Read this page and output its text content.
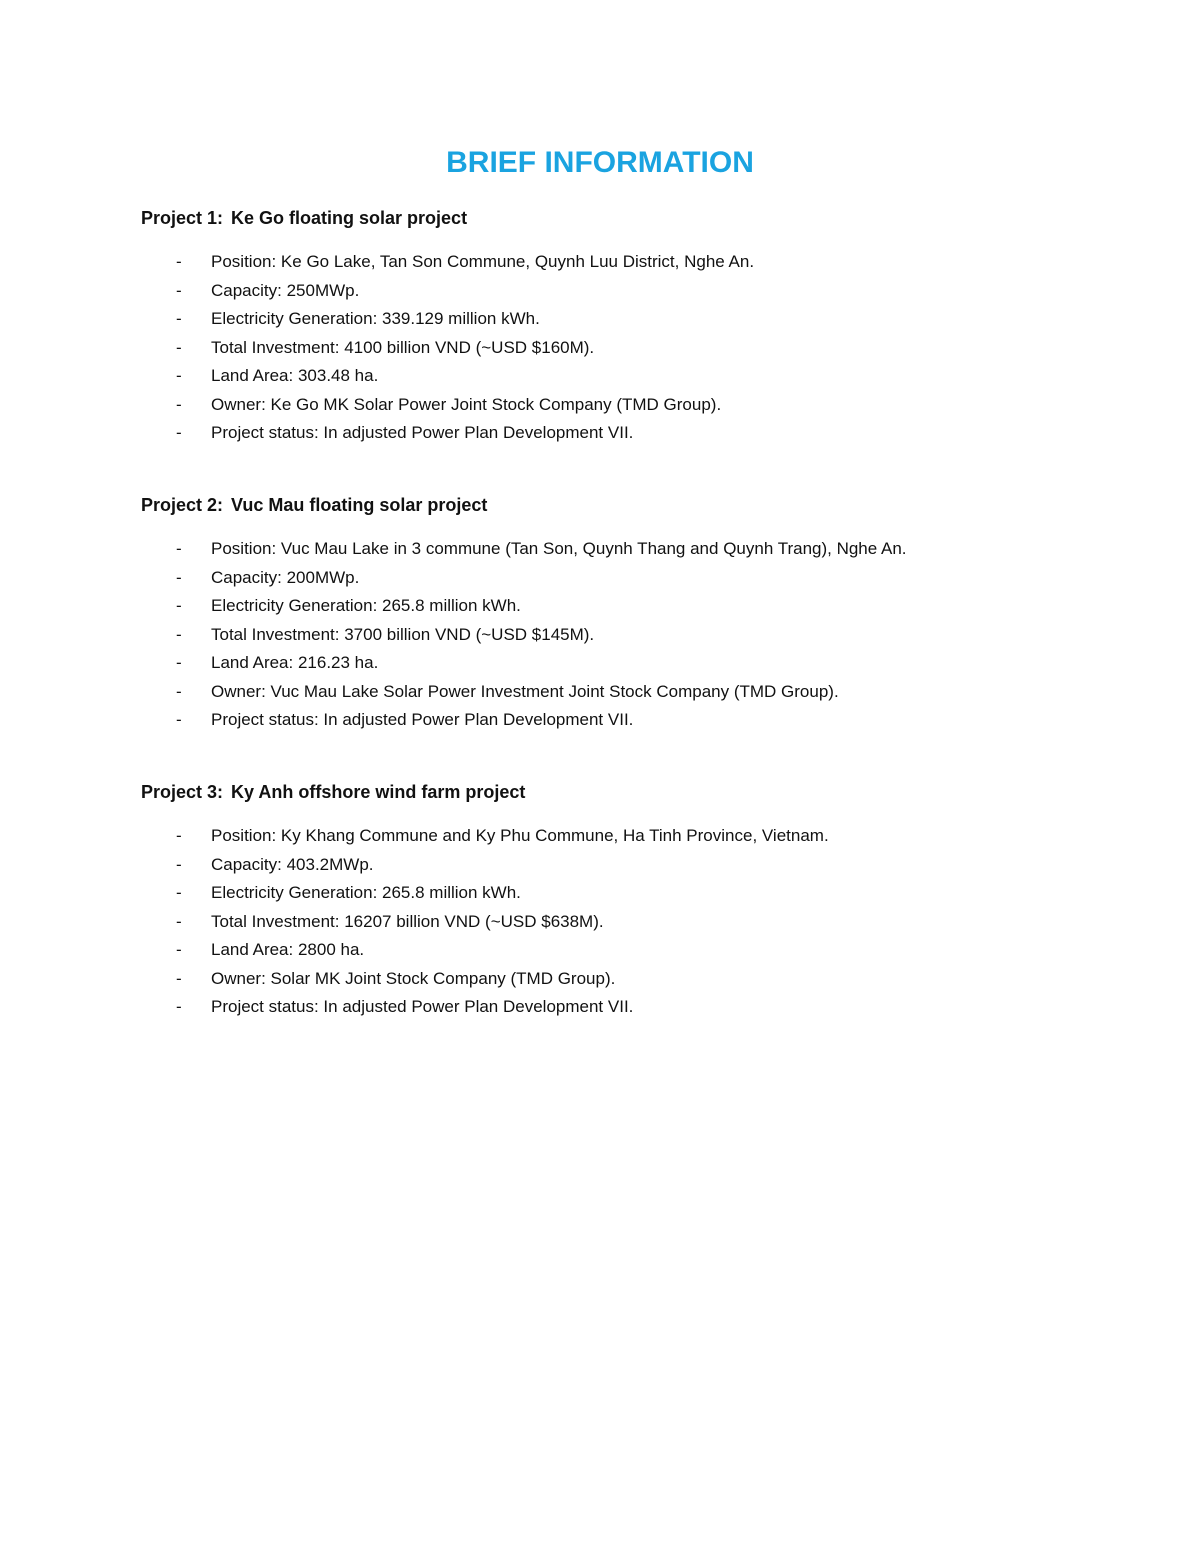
BRIEF INFORMATION
Project 1: Ke Go floating solar project
- Position: Ke Go Lake, Tan Son Commune, Quynh Luu District, Nghe An.
- Capacity: 250MWp.
- Electricity Generation: 339.129 million kWh.
- Total Investment: 4100 billion VND (~USD $160M).
- Land Area: 303.48 ha.
- Owner: Ke Go MK Solar Power Joint Stock Company (TMD Group).
- Project status: In adjusted Power Plan Development VII.
Project 2: Vuc Mau floating solar project
- Position: Vuc Mau Lake in 3 commune (Tan Son, Quynh Thang and Quynh Trang), Nghe An.
- Capacity: 200MWp.
- Electricity Generation: 265.8 million kWh.
- Total Investment: 3700 billion VND (~USD $145M).
- Land Area: 216.23 ha.
- Owner: Vuc Mau Lake Solar Power Investment Joint Stock Company (TMD Group).
- Project status: In adjusted Power Plan Development VII.
Project 3: Ky Anh offshore wind farm project
- Position: Ky Khang Commune and Ky Phu Commune, Ha Tinh Province, Vietnam.
- Capacity: 403.2MWp.
- Electricity Generation: 265.8 million kWh.
- Total Investment: 16207 billion VND (~USD $638M).
- Land Area: 2800 ha.
- Owner: Solar MK Joint Stock Company (TMD Group).
- Project status: In adjusted Power Plan Development VII.
